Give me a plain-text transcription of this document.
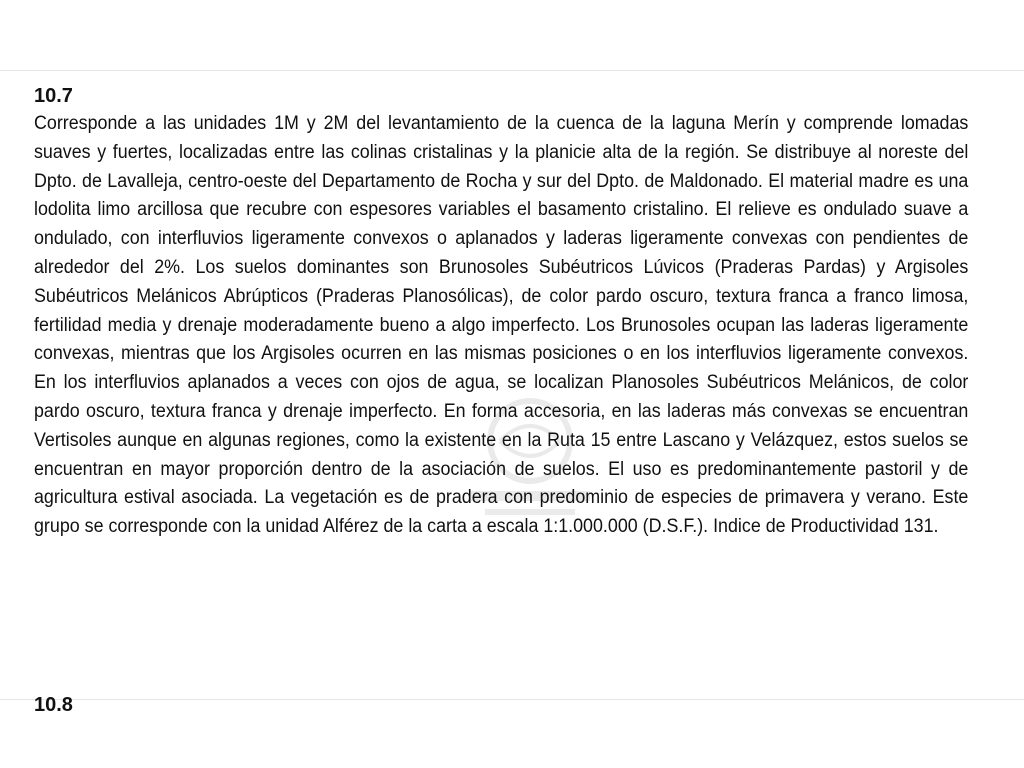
10.7

Corresponde a las unidades 1M y 2M del levantamiento de la cuenca de la laguna Merín y comprende lomadas suaves y fuertes, localizadas entre las colinas cristalinas y la planicie alta de la región. Se distribuye al noreste del Dpto. de Lavalleja, centro-oeste del Departamento de Rocha y sur del Dpto. de Maldonado. El material madre es una lodolita limo arcillosa que recubre con espesores variables el basamento cristalino. El relieve es ondulado suave a ondulado, con interfluvios ligeramente convexos o aplanados y laderas ligeramente convexas con pendientes de alrededor del 2%. Los suelos dominantes son Brunosoles Subéutricos Lúvicos (Praderas Pardas) y Argisoles Subéutricos Melánicos Abrúpticos (Praderas Planosólicas), de color pardo oscuro, textura franca a franco limosa, fertilidad media y drenaje moderadamente bueno a algo imperfecto. Los Brunosoles ocupan las laderas ligeramente convexas, mientras que los Argisoles ocurren en las mismas posiciones o en los interfluvios ligeramente convexos. En los interfluvios aplanados a veces con ojos de agua, se localizan Planosoles Subéutricos Melánicos, de color pardo oscuro, textura franca y drenaje imperfecto. En forma accesoria, en las laderas más convexas se encuentran Vertisoles aunque en algunas regiones, como la existente en la Ruta 15 entre Lascano y Velázquez, estos suelos se encuentran en mayor proporción dentro de la asociación de suelos. El uso es predominantemente pastoril y de agricultura estival asociada. La vegetación es de pradera con predominio de especies de primavera y verano. Este grupo se corresponde con la unidad Alférez de la carta a escala 1:1.000.000 (D.S.F.). Indice de Productividad 131.

10.8
